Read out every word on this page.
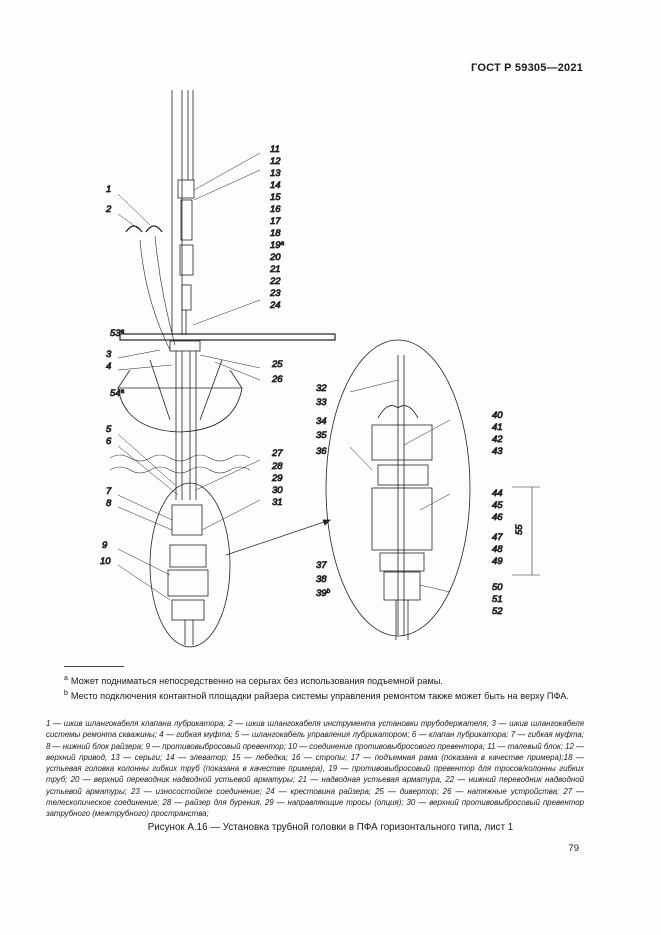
ГОСТ Р 59305—2021
1
2
3
4
5
6
7
8
9
10
11
12
13
14
15
16
17
18
19$^a$
20
21
22
23
24
53$^a$
54$^a$
25
26
27
28
29
30
31
32
33
34
35
36
37
38
39$^b$
40
41
42
43
44
45
46
47
48
49
50
51
52
55
$^a$ Может подниматься непосредственно на серьгах без использования подъемной рамы.
$^b$ Место подключения контактной площадки райзера системы управления ремонтом также может быть на верху ПФА.
1 — шкив шлангокабеля клапана лубрикатора; 2 — шкив шлангокабеля инструмента установки трубодержателя; 3 — шкив шлангокабеля системы ремонта скважины; 4 — гибкая муфта; 5 — шлангокабель управления лубрикатором; 6 — клапан лубрикатора; 7 — гибкая муфта; 8 — нижний блок райзера; 9 — противовыбросовый превентор; 10 — соединение противовыбросового превентора; 11 — талевый блок; 12 — верхний привод, 13 — серьги; 14 — элеватор; 15 — лебедка; 16 — стропы; 17 — подъемная рама (показана в качестве примера);18 — устьевая головка колонны гибких труб (показана в качестве примера), 19 — противовыбросовый превентор для тросов/колонны гибких труб; 20 — верхний переводник надводной устьевой арматуры; 21 — надводная устьевая арматура, 22 — нижний переводник надводной устьевой арматуры; 23 — износостойкое соединение; 24 — крестовина райзера; 25 — дивертор; 26 — натяжные устройства; 27 — телескопическое соединение; 28 — райзер для бурения, 29 — направляющие тросы (опция); 30 — верхний противовыбросовый превентор затрубного (межтрубного) пространства;
Рисунок А.16 — Установка трубной головки в ПФА горизонтального типа, лист 1
79
